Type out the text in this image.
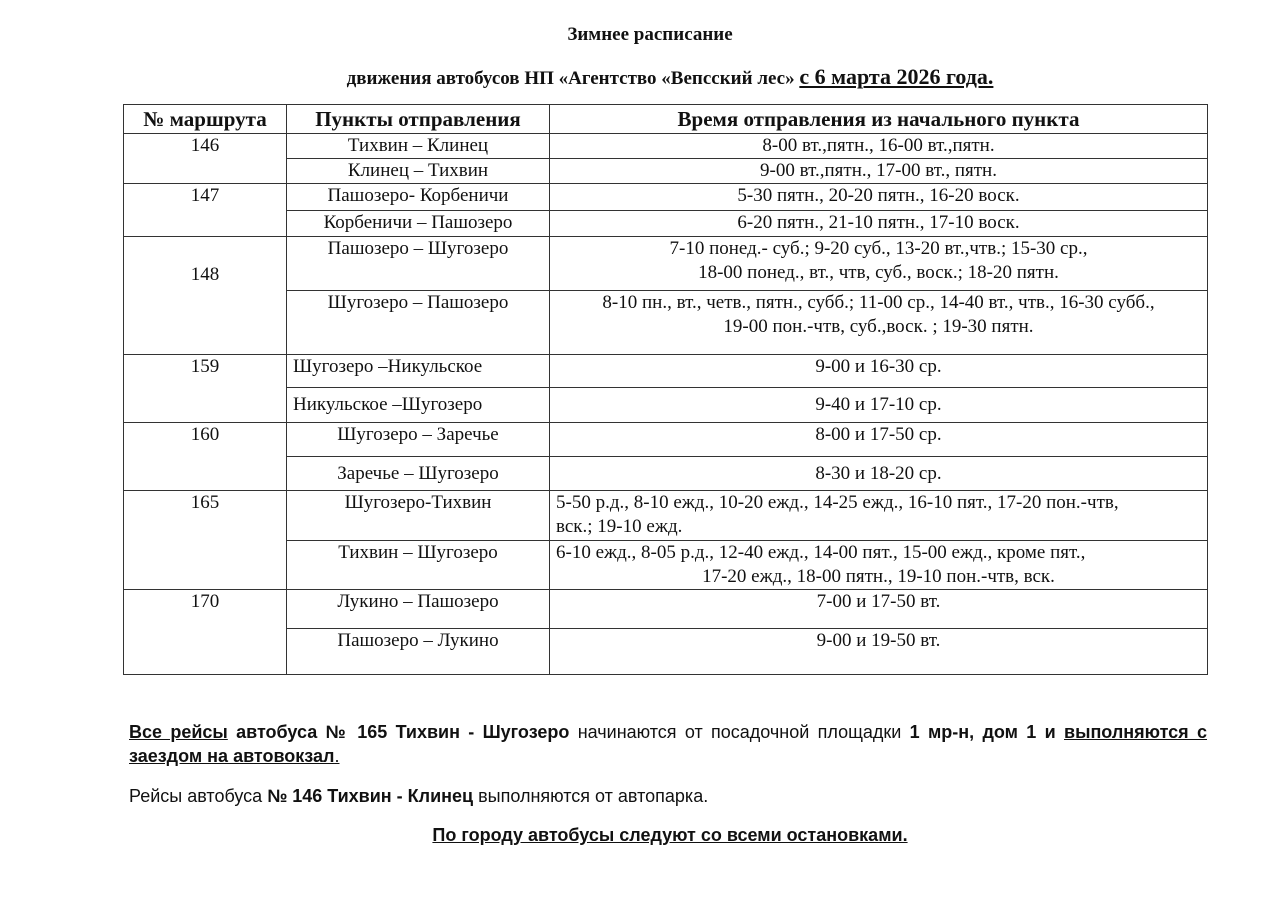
Зимнее расписание
движения автобусов НП «Агентство «Вепсский лес» с 6 марта 2026 года.
№ маршрута	Пункты отправления	Время отправления из начального пункта
146	Тихвин – Клинец	8-00 вт.,пятн., 16-00 вт.,пятн.
	Клинец – Тихвин	9-00 вт.,пятн., 17-00 вт., пятн.
147	Пашозеро- Корбеничи	5-30 пятн., 20-20 пятн., 16-20 воск.
	Корбеничи – Пашозеро	6-20 пятн., 21-10 пятн., 17-10 воск.
148	Пашозеро – Шугозеро	7-10 понед.- суб.; 9-20 суб., 13-20 вт.,чтв.; 15-30 ср.,
18-00 понед., вт., чтв, суб., воск.; 18-20 пятн.

	Шугозеро – Пашозеро	8-10 пн., вт., четв., пятн., субб.; 11-00 ср., 14-40 вт., чтв., 16-30 субб.,
19-00 пон.-чтв, суб.,воск. ; 19-30 пятн.

159	Шугозеро –Никульское	9-00 и 16-30 ср.
	Никульское –Шугозеро	9-40 и 17-10 ср.
160	Шугозеро – Заречье	8-00 и 17-50 ср.
	Заречье – Шугозеро	8-30 и 18-20 ср.
165	Шугозеро-Тихвин	5-50 р.д., 8-10 ежд., 10-20 ежд., 14-25 ежд., 16-10 пят., 17-20 пон.-чтв,
вск.; 19-10 ежд.

	Тихвин – Шугозеро	6-10 ежд., 8-05 р.д., 12-40 ежд., 14-00 пят., 15-00 ежд., кроме пят.,
17-20 ежд., 18-00 пятн., 19-10 пон.-чтв, вск.

170	Лукино – Пашозеро	7-00 и 17-50 вт.
	Пашозеро – Лукино	9-00 и 19-50 вт.
Все рейсы автобуса № 165 Тихвин - Шугозеро начинаются от посадочной площадки 1 мр-н, дом 1 и выполняются с заездом на автовокзал.
Рейсы автобуса № 146 Тихвин - Клинец выполняются от автопарка.
По городу автобусы следуют со всеми остановками.
